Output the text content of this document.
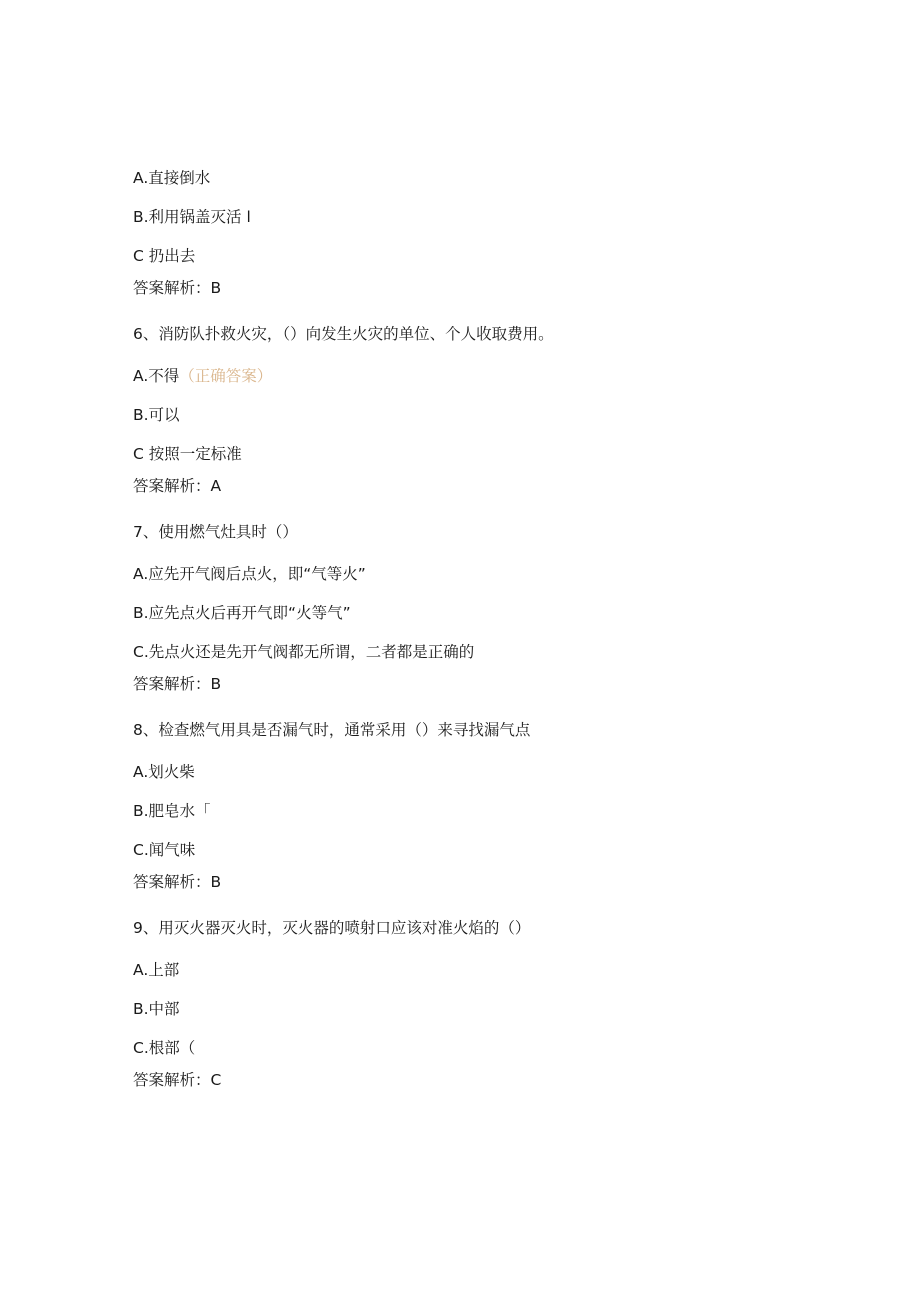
A.直接倒水
B.利用锅盖灭活 l
C 扔出去
答案解析：B
6、消防队扑救火灾，（）向发生火灾的单位、个人收取费用。
A.不得（正确答案）
B.可以
C 按照一定标准
答案解析：A
7、使用燃气灶具时（）
A.应先开气阀后点火，即“气等火”
B.应先点火后再开气即“火等气”
C.先点火还是先开气阀都无所谓，二者都是正确的
答案解析：B
8、检查燃气用具是否漏气时，通常采用（）来寻找漏气点
A.划火柴
B.肥皂水「
C.闻气味
答案解析：B
9、用灭火器灭火时，灭火器的喷射口应该对准火焰的（）
A.上部
B.中部
C.根部（
答案解析：C
